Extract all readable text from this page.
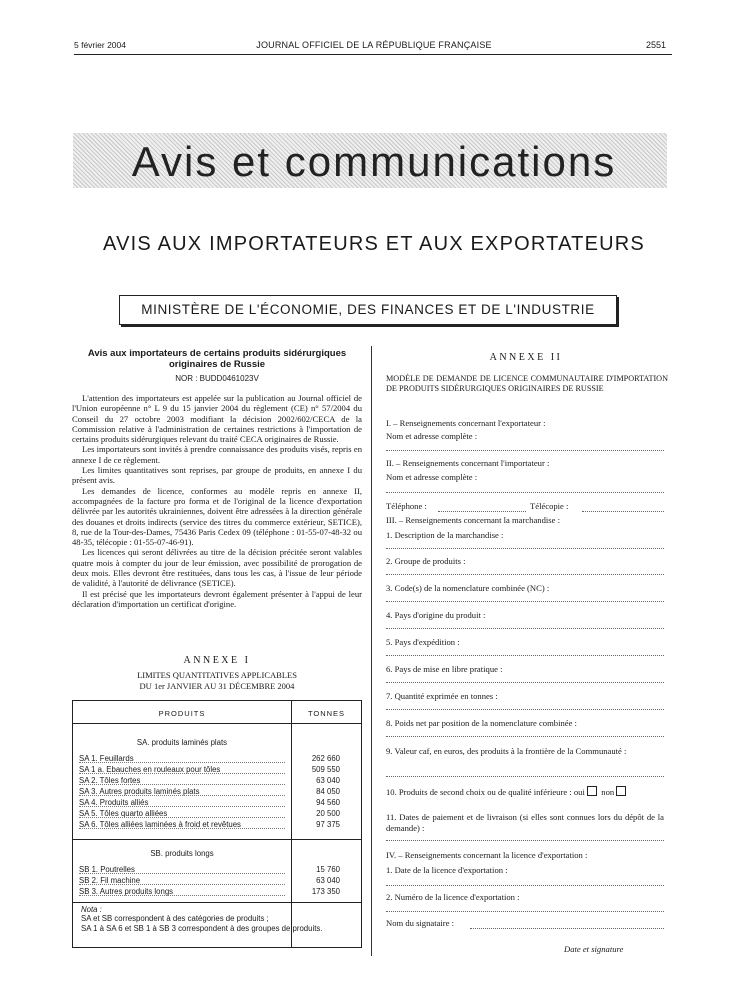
5 février 2004	JOURNAL OFFICIEL DE LA RÉPUBLIQUE FRANÇAISE	2551
Avis et communications
AVIS AUX IMPORTATEURS ET AUX EXPORTATEURS
MINISTÈRE DE L'ÉCONOMIE, DES FINANCES ET DE L'INDUSTRIE
Avis aux importateurs de certains produits sidérurgiques originaires de Russie
NOR : BUDD0461023V

L'attention des importateurs est appelée sur la publication au Journal officiel de l'Union européenne n° L 9 du 15 janvier 2004 du règlement (CE) n° 57/2004 du Conseil du 27 octobre 2003 modifiant la décision 2002/602/CECA de la Commission relative à l'administration de certaines restrictions à l'importation de certains produits sidérurgiques relevant du traité CECA originaires de Russie.

Les importateurs sont invités à prendre connaissance des produits visés, repris en annexe I de ce règlement.

Les limites quantitatives sont reprises, par groupe de produits, en annexe I du présent avis.

Les demandes de licence, conformes au modèle repris en annexe II, accompagnées de la facture pro forma et de l'original de la licence d'exportation délivrée par les autorités ukrainiennes, doivent être adressées à la direction générale des douanes et droits indirects (service des titres du commerce extérieur, SETICE), 8, rue de la Tour-des-Dames, 75436 Paris Cedex 09 (téléphone : 01-55-07-48-32 ou 48-35, télécopie : 01-55-07-46-91).

Les licences qui seront délivrées au titre de la décision précitée seront valables quatre mois à compter du jour de leur émission, avec possibilité de prorogation de deux mois. Elles devront être restituées, dans tous les cas, à l'issue de leur période de validité, à l'autorité de délivrance (SETICE).

Il est précisé que les importateurs devront également présenter à l'appui de leur déclaration d'importation un certificat d'origine.

ANNEXE I
LIMITES QUANTITATIVES APPLICABLES
DU 1er JANVIER AU 31 DÉCEMBRE 2004
PRODUITS	TONNES
SA. produits laminés plats
SA 1. Feuillards	262 660
SA 1 a. Ebauches en rouleaux pour tôles	509 550
SA 2. Tôles fortes	63 040
SA 3. Autres produits laminés plats	84 050
SA 4. Produits alliés	94 560
SA 5. Tôles quarto alliées	20 500
SA 6. Tôles alliées laminées à froid et revêtues	97 375
SB. produits longs
SB 1. Poutrelles	15 760
SB 2. Fil machine	63 040
SB 3. Autres produits longs	173 350
Nota :
SA et SB correspondent à des catégories de produits ;
SA 1 à SA 6 et SB 1 à SB 3 correspondent à des groupes de produits.
ANNEXE II
MODÈLE DE DEMANDE DE LICENCE COMMUNAUTAIRE D'IMPORTATION DE PRODUITS SIDÉRURGIQUES ORIGINAIRES DE RUSSIE
I. – Renseignements concernant l'exportateur :
Nom et adresse complète :
II. – Renseignements concernant l'importateur :
Nom et adresse complète :
Téléphone :	Télécopie :
III. – Renseignements concernant la marchandise :
1. Description de la marchandise :
2. Groupe de produits :
3. Code(s) de la nomenclature combinée (NC) :
4. Pays d'origine du produit :
5. Pays d'expédition :
6. Pays de mise en libre pratique :
7. Quantité exprimée en tonnes :
8. Poids net par position de la nomenclature combinée :
9. Valeur caf, en euros, des produits à la frontière de la Communauté :
10. Produits de second choix ou de qualité inférieure : oui non
11. Dates de paiement et de livraison (si elles sont connues lors du dépôt de la demande) :
IV. – Renseignements concernant la licence d'exportation :
1. Date de la licence d'exportation :
2. Numéro de la licence d'exportation :
Nom du signataire :
Date et signature
